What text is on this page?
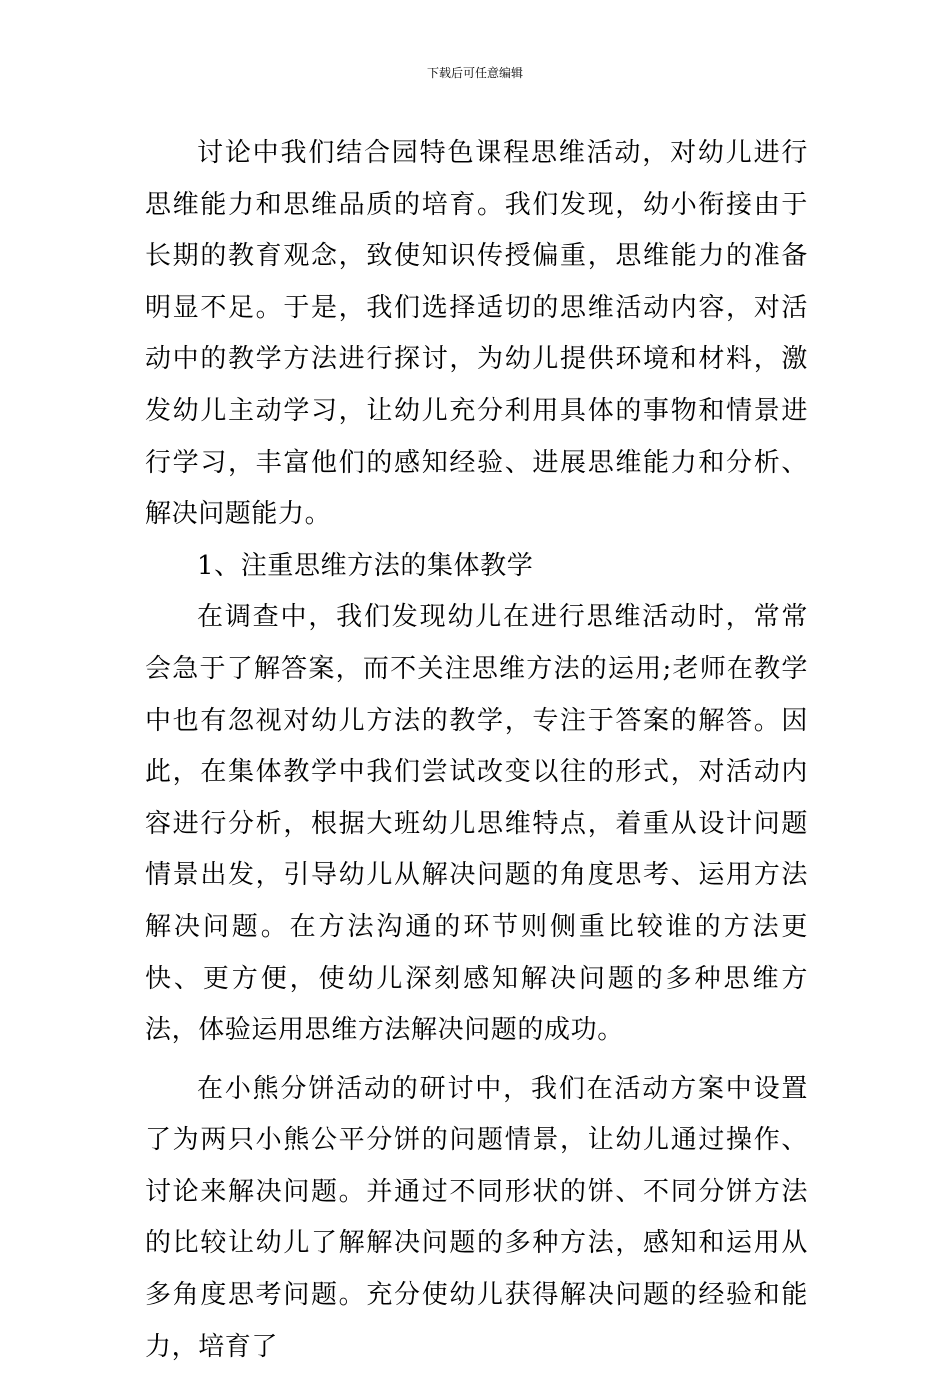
下载后可任意编辑

讨论中我们结合园特色课程思维活动，对幼儿进行思维能力和思维品质的培育。我们发现，幼小衔接由于长期的教育观念，致使知识传授偏重，思维能力的准备明显不足。于是，我们选择适切的思维活动内容，对活动中的教学方法进行探讨，为幼儿提供环境和材料，激发幼儿主动学习，让幼儿充分利用具体的事物和情景进行学习，丰富他们的感知经验、进展思维能力和分析、解决问题能力。

1、注重思维方法的集体教学

在调查中，我们发现幼儿在进行思维活动时，常常会急于了解答案，而不关注思维方法的运用;老师在教学中也有忽视对幼儿方法的教学，专注于答案的解答。因此，在集体教学中我们尝试改变以往的形式，对活动内容进行分析，根据大班幼儿思维特点，着重从设计问题情景出发，引导幼儿从解决问题的角度思考、运用方法解决问题。在方法沟通的环节则侧重比较谁的方法更快、更方便，使幼儿深刻感知解决问题的多种思维方法，体验运用思维方法解决问题的成功。

在小熊分饼活动的研讨中，我们在活动方案中设置了为两只小熊公平分饼的问题情景，让幼儿通过操作、讨论来解决问题。并通过不同形状的饼、不同分饼方法的比较让幼儿了解解决问题的多种方法，感知和运用从多角度思考问题。充分使幼儿获得解决问题的经验和能力，培育了
